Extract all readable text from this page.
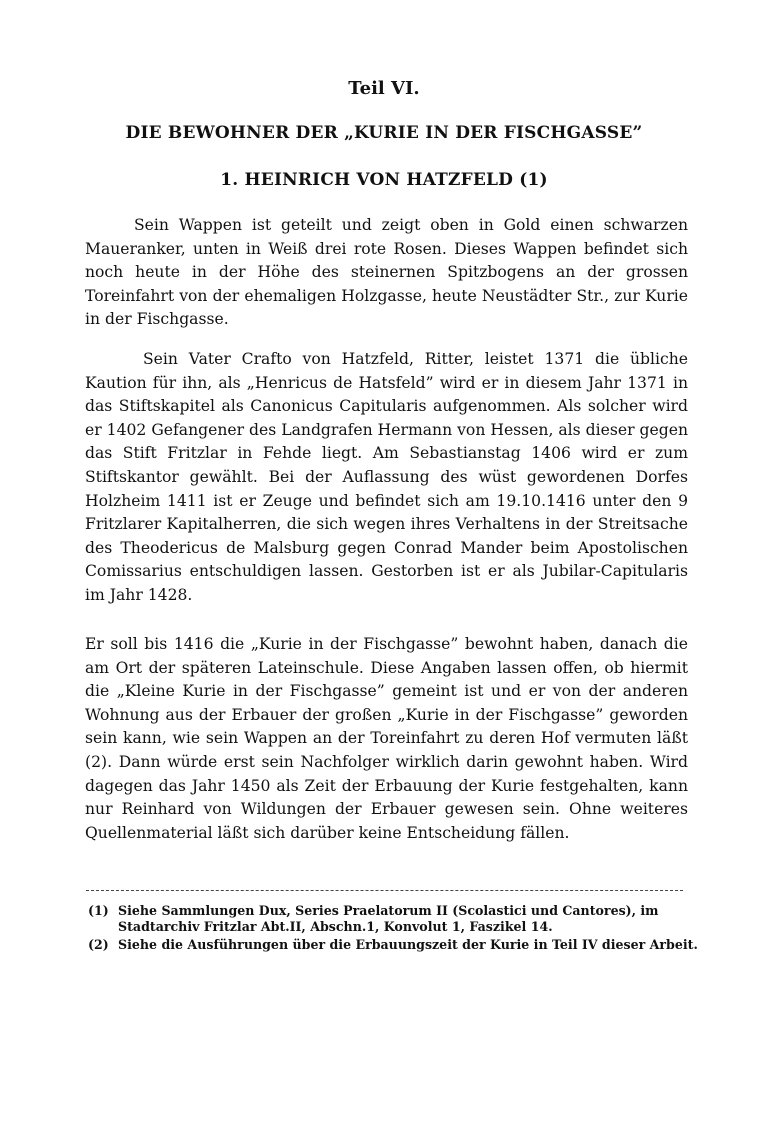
Teil VI.
DIE BEWOHNER DER „KURIE IN DER FISCHGASSE”
1. HEINRICH VON HATZFELD (1)

Sein Wappen ist geteilt und zeigt oben in Gold einen schwarzen Maueranker, unten in Weiß drei rote Rosen. Dieses Wappen befindet sich noch heute in der Höhe des steinernen Spitzbogens an der grossen Toreinfahrt von der ehemaligen Holzgasse, heute Neustädter Str., zur Kurie in der Fischgasse.

Sein Vater Crafto von Hatzfeld, Ritter, leistet 1371 die übliche Kaution für ihn, als „Henricus de Hatsfeld” wird er in diesem Jahr 1371 in das Stiftskapitel als Canonicus Capitularis aufgenommen. Als solcher wird er 1402 Gefangener des Landgrafen Hermann von Hessen, als dieser gegen das Stift Fritzlar in Fehde liegt. Am Sebastianstag 1406 wird er zum Stiftskantor gewählt. Bei der Auflassung des wüst gewordenen Dorfes Holzheim 1411 ist er Zeuge und befindet sich am 19.10.1416 unter den 9 Fritzlarer Kapitalherren, die sich wegen ihres Verhaltens in der Streitsache des Theodericus de Malsburg gegen Conrad Mander beim Apostolischen Comissarius entschuldigen lassen. Gestorben ist er als Jubilar-Capitularis im Jahr 1428.

Er soll bis 1416 die „Kurie in der Fischgasse” bewohnt haben, danach die am Ort der späteren Lateinschule. Diese Angaben lassen offen, ob hiermit die „Kleine Kurie in der Fischgasse” gemeint ist und er von der anderen Wohnung aus der Erbauer der großen „Kurie in der Fischgasse” geworden sein kann, wie sein Wappen an der Toreinfahrt zu deren Hof vermuten läßt (2). Dann würde erst sein Nachfolger wirklich darin gewohnt haben. Wird dagegen das Jahr 1450 als Zeit der Erbauung der Kurie festgehalten, kann nur Reinhard von Wildungen der Erbauer gewesen sein. Ohne weiteres Quellenmaterial läßt sich darüber keine Entscheidung fällen.

(1) Siehe Sammlungen Dux, Series Praelatorum II (Scolastici und Cantores), im Stadtarchiv Fritzlar Abt.II, Abschn.1, Konvolut 1, Faszikel 14.
(2) Siehe die Ausführungen über die Erbauungszeit der Kurie in Teil IV dieser Arbeit.
